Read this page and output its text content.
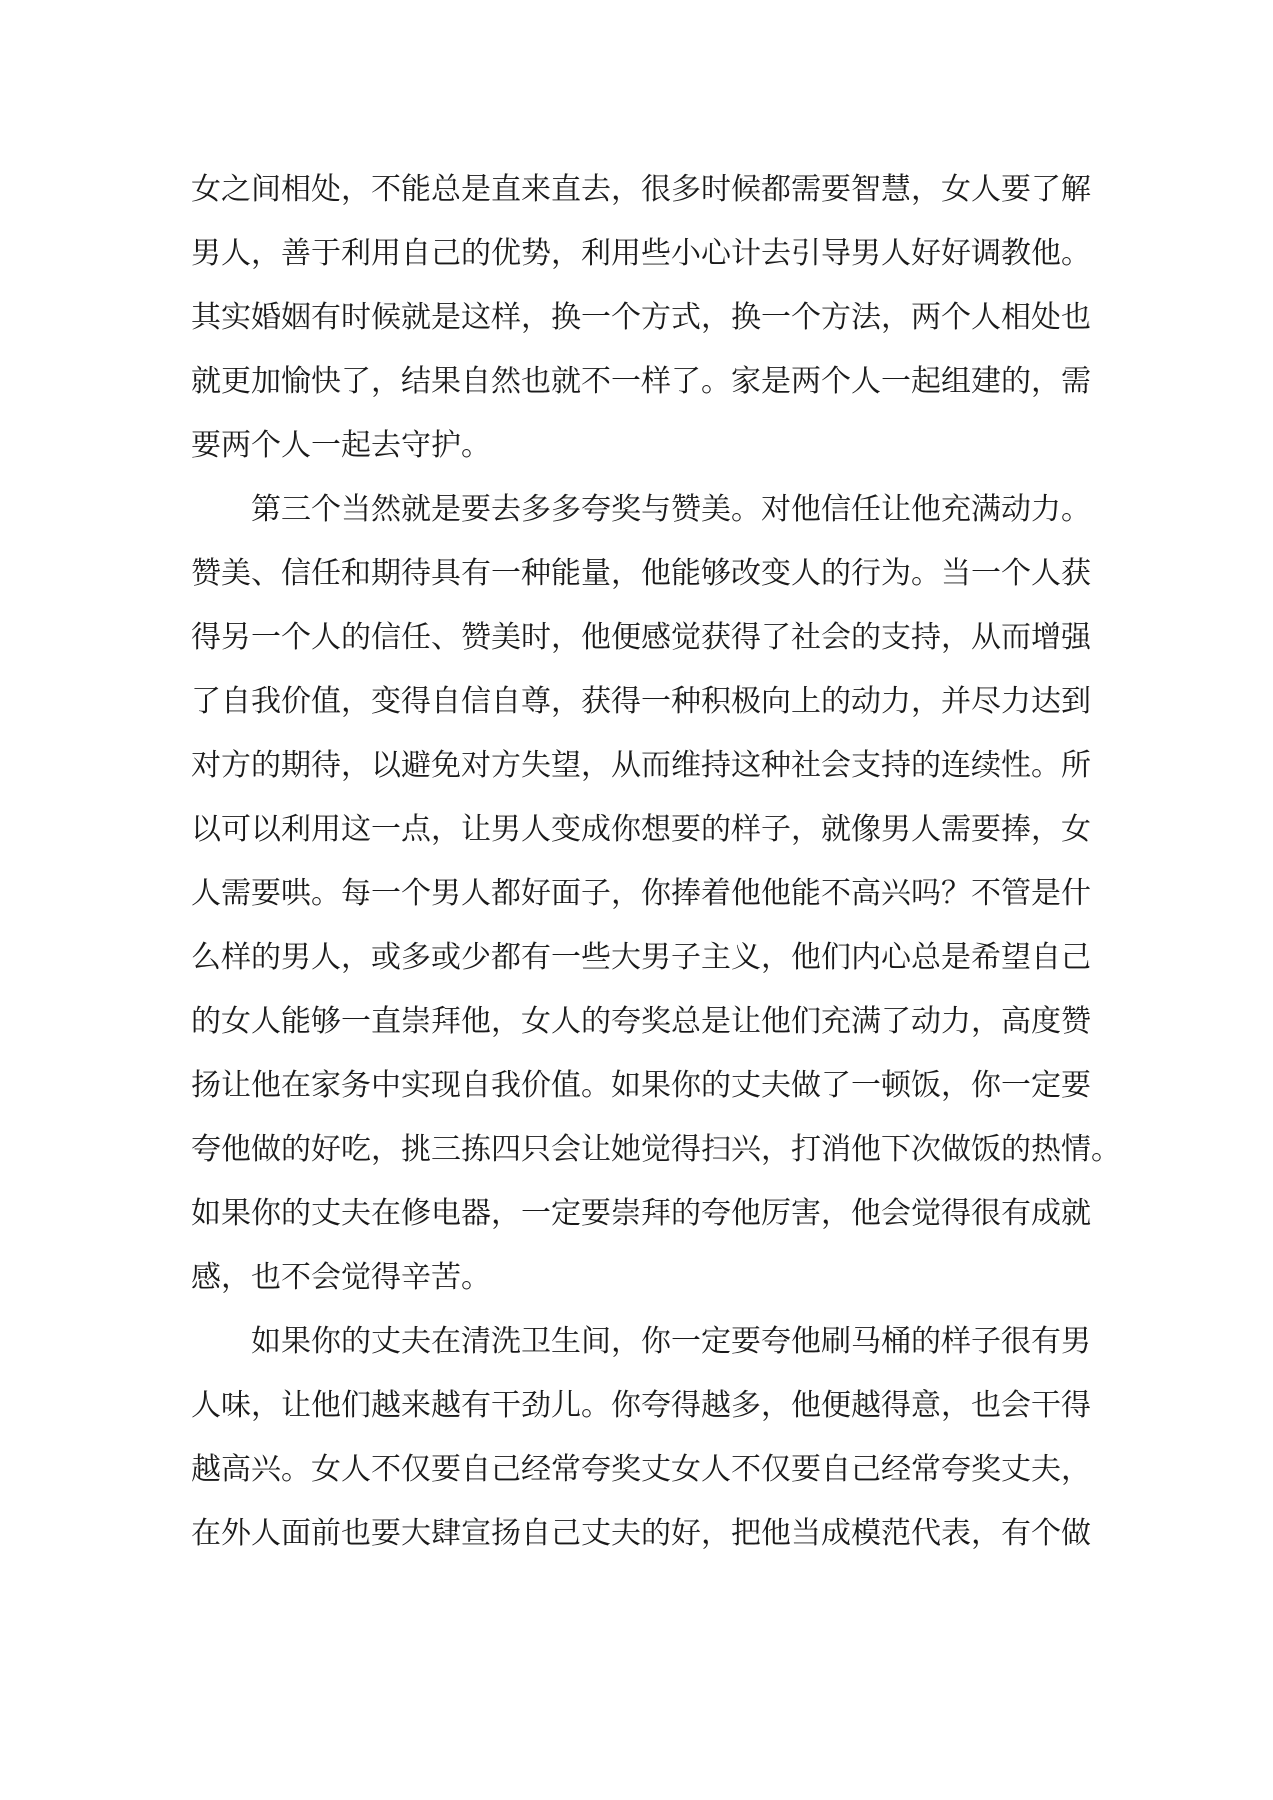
女之间相处，不能总是直来直去，很多时候都需要智慧，女人要了解
男人，善于利用自己的优势，利用些小心计去引导男人好好调教他。
其实婚姻有时候就是这样，换一个方式，换一个方法，两个人相处也
就更加愉快了，结果自然也就不一样了。家是两个人一起组建的，需
要两个人一起去守护。
第三个当然就是要去多多夸奖与赞美。对他信任让他充满动力。
赞美、信任和期待具有一种能量，他能够改变人的行为。当一个人获
得另一个人的信任、赞美时，他便感觉获得了社会的支持，从而增强
了自我价值，变得自信自尊，获得一种积极向上的动力，并尽力达到
对方的期待，以避免对方失望，从而维持这种社会支持的连续性。所
以可以利用这一点，让男人变成你想要的样子，就像男人需要捧，女
人需要哄。每一个男人都好面子，你捧着他他能不高兴吗？不管是什
么样的男人，或多或少都有一些大男子主义，他们内心总是希望自己
的女人能够一直崇拜他，女人的夸奖总是让他们充满了动力，高度赞
扬让他在家务中实现自我价值。如果你的丈夫做了一顿饭，你一定要
夸他做的好吃，挑三拣四只会让她觉得扫兴，打消他下次做饭的热情。
如果你的丈夫在修电器，一定要崇拜的夸他厉害，他会觉得很有成就
感，也不会觉得辛苦。
如果你的丈夫在清洗卫生间，你一定要夸他刷马桶的样子很有男
人味，让他们越来越有干劲儿。你夸得越多，他便越得意，也会干得
越高兴。女人不仅要自己经常夸奖丈女人不仅要自己经常夸奖丈夫，
在外人面前也要大肆宣扬自己丈夫的好，把他当成模范代表，有个做
